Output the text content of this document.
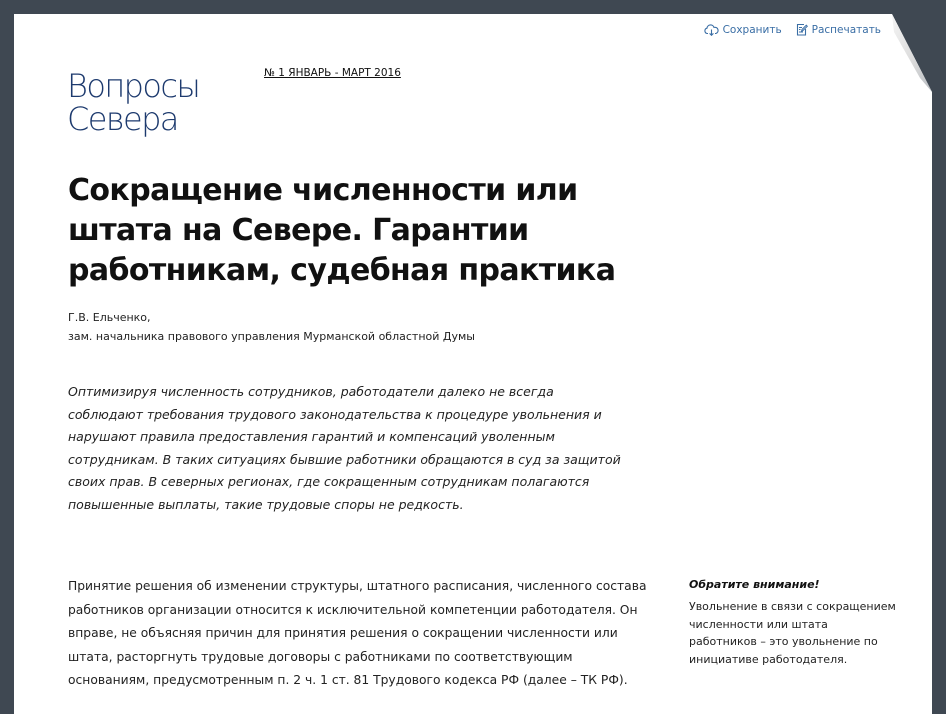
Сохранить	Распечатать
Вопросы
Севера
№ 1 ЯНВАРЬ - МАРТ 2016
Сокращение численности или штата на Севере. Гарантии работникам, судебная практика
Г.В. Ельченко,
зам. начальника правового управления Мурманской областной Думы

Оптимизируя численность сотрудников, работодатели далеко не всегда соблюдают требования трудового законодательства к процедуре увольнения и нарушают правила предоставления гарантий и компенсаций уволенным сотрудникам. В таких ситуациях бывшие работники обращаются в суд за защитой своих прав. В северных регионах, где сокращенным сотрудникам полагаются повышенные выплаты, такие трудовые споры не редкость.

Принятие решения об изменении структуры, штатного расписания, численного состава работников организации относится к исключительной компетенции работодателя. Он вправе, не объясняя причин для принятия решения о сокращении численности или штата, расторгнуть трудовые договоры с работниками по соответствующим основаниям, предусмотренным п. 2 ч. 1 ст. 81 Трудового кодекса РФ (далее – ТК РФ).

Обратите внимание!
Увольнение в связи с сокращением численности или штата работников – это увольнение по инициативе работодателя.
